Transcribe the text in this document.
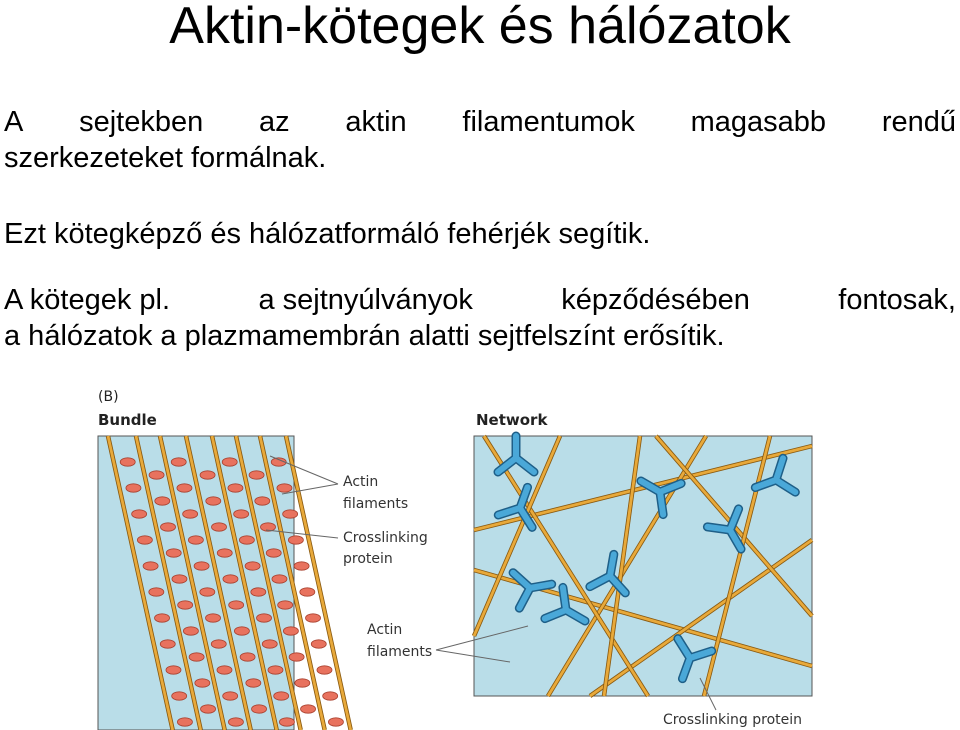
Aktin-kötegek és hálózatok
A sejtekben az aktin filamentumok magasabb rendű
szerkezeteket formálnak.
Ezt kötegképző és hálózatformáló fehérjék segítik.
A kötegek pl.	a sejtnyúlványok	képződésében	fontosak,
a hálózatok a plazmamembrán alatti sejtfelszínt erősítik.
(B)
Bundle	Network
Actin
filaments
Crosslinking
protein
Actin
filaments
Crosslinking protein
